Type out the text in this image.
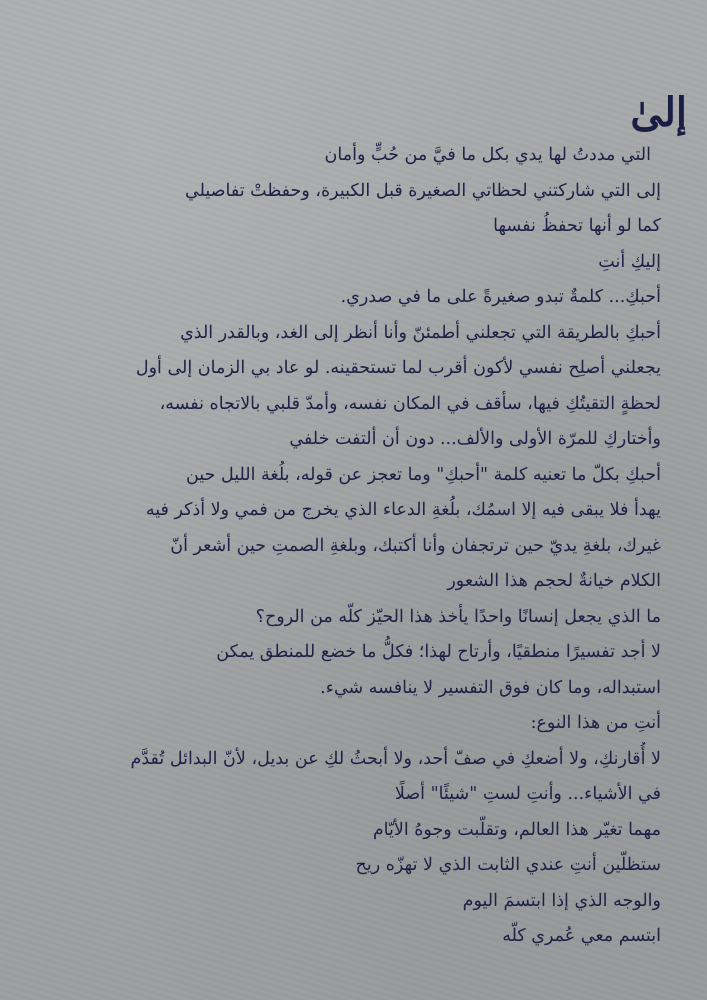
إلىٰ
التي مددتُ لها يدي بكل ما فيَّ من حُبٍّ وأمان
إلى التي شاركتني لحظاتي الصغيرة قبل الكبيرة، وحفظتْ تفاصيلي
كما لو أنها تحفظُ نفسها
إليكِ أنتِ
أحبكِ... كلمةٌ تبدو صغيرةً على ما في صدري.
أحبكِ بالطريقة التي تجعلني أطمئنّ وأنا أنظر إلى الغد، وبالقدر الذي
يجعلني أصلِح نفسي لأكون أقرب لما تستحقينه. لو عاد بي الزمان إلى أول
لحظةٍ التقيتُكِ فيها، سأقف في المكان نفسه، وأمدّ قلبي بالاتجاه نفسه،
وأختاركِ للمرّة الأولى والألف... دون أن ألتفت خلفي
أحبكِ بكلّ ما تعنيه كلمة "أحبكِ" وما تعجز عن قوله، بلُغة الليل حين
يهدأ فلا يبقى فيه إلا اسمُك، بلُغةِ الدعاء الذي يخرج من فمي ولا أذكر فيه
غيرك، بلغةِ يديّ حين ترتجفان وأنا أكتبك، وبلغةِ الصمتِ حين أشعر أنّ
الكلام خيانةٌ لحجم هذا الشعور
ما الذي يجعل إنسانًا واحدًا يأخذ هذا الحيّز كلّه من الروح؟
لا أجد تفسيرًا منطقيًا، وأرتاح لهذا؛ فكلُّ ما خضع للمنطق يمكن
استبداله، وما كان فوق التفسير لا ينافسه شيء.
أنتِ من هذا النوع:
لا أُقارنكِ، ولا أضعكِ في صفّ أحد، ولا أبحثُ لكِ عن بديل، لأنّ البدائل تُقدَّم
في الأشياء... وأنتِ لستِ "شيئًا" أصلًا
مهما تغيّر هذا العالم، وتقلّبت وجوهُ الأيّام
ستظلّين أنتِ عندي الثابت الذي لا تهزّه ريح
والوجه الذي إذا ابتسمَ اليوم
ابتسم معي عُمري كلّه
